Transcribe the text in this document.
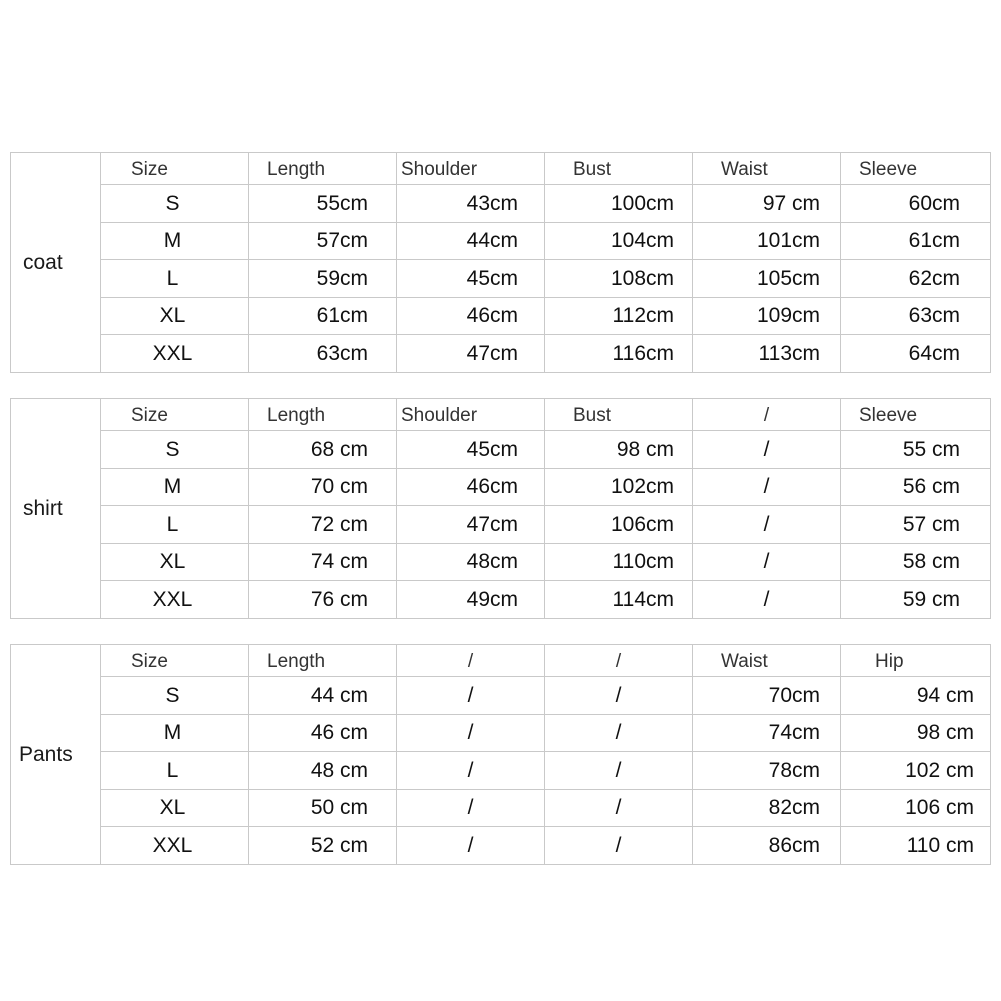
coat	Size	Length	Shoulder	Bust	Waist	Sleeve
	S	55cm	43cm	100cm	97 cm	60cm
	M	57cm	44cm	104cm	101cm	61cm
	L	59cm	45cm	108cm	105cm	62cm
	XL	61cm	46cm	112cm	109cm	63cm
	XXL	63cm	47cm	116cm	113cm	64cm
shirt	Size	Length	Shoulder	Bust	/	Sleeve
	S	68 cm	45cm	98 cm	/	55 cm
	M	70 cm	46cm	102cm	/	56 cm
	L	72 cm	47cm	106cm	/	57 cm
	XL	74 cm	48cm	110cm	/	58 cm
	XXL	76 cm	49cm	114cm	/	59 cm
Pants	Size	Length	/	/	Waist	Hip
	S	44 cm	/	/	70cm	94 cm
	M	46 cm	/	/	74cm	98 cm
	L	48 cm	/	/	78cm	102 cm
	XL	50 cm	/	/	82cm	106 cm
	XXL	52 cm	/	/	86cm	110 cm
